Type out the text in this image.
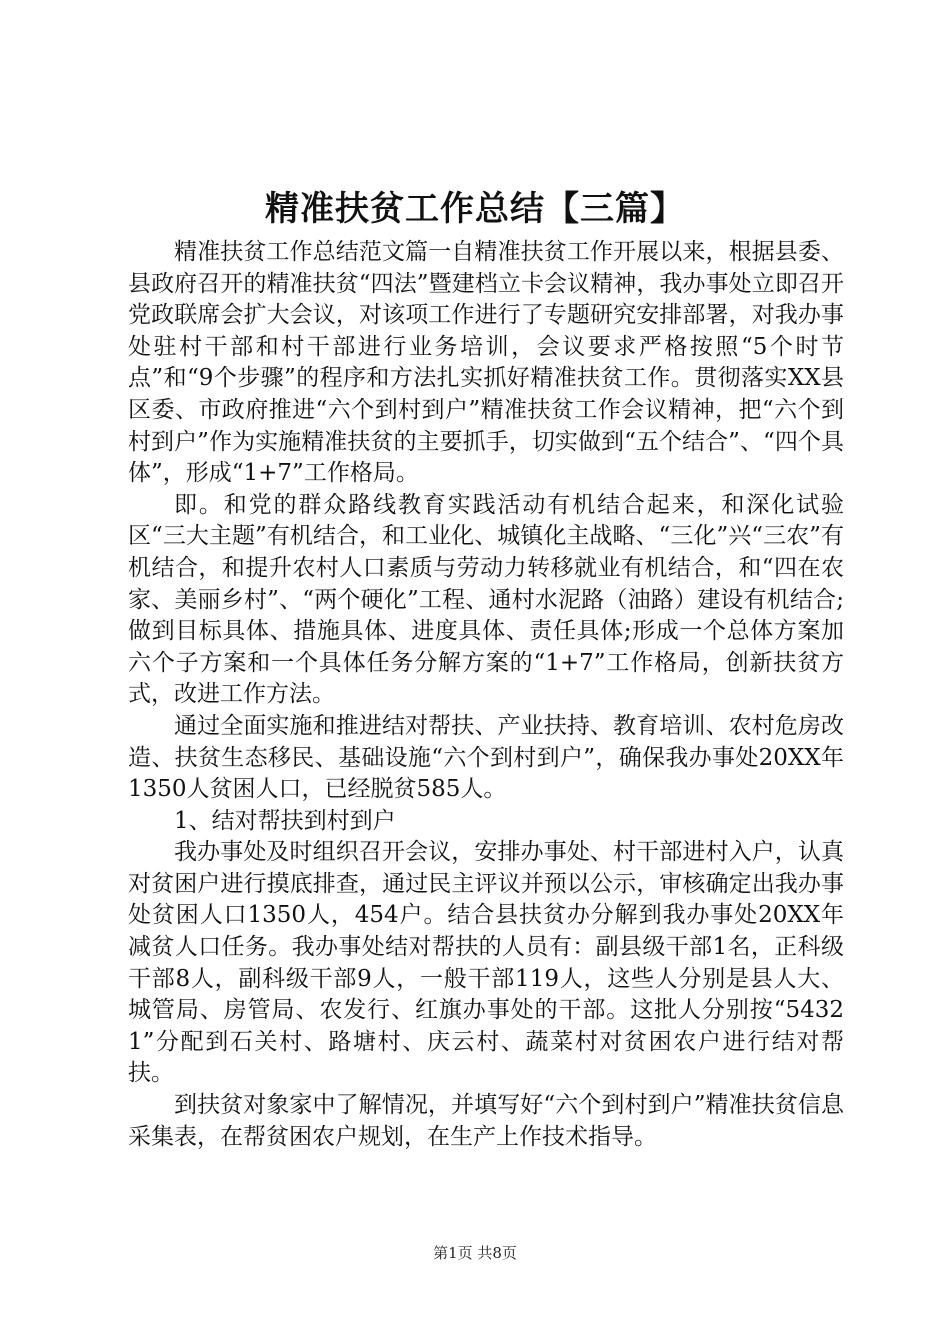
精准扶贫工作总结【三篇】

精准扶贫工作总结范文篇一自精准扶贫工作开展以来，根据县委、县政府召开的精准扶贫“四法”暨建档立卡会议精神，我办事处立即召开党政联席会扩大会议，对该项工作进行了专题研究安排部署，对我办事处驻村干部和村干部进行业务培训，会议要求严格按照“5个时节点”和“9个步骤”的程序和方法扎实抓好精准扶贫工作。贯彻落实XX县区委、市政府推进“六个到村到户”精准扶贫工作会议精神，把“六个到村到户”作为实施精准扶贫的主要抓手，切实做到“五个结合”、“四个具体”，形成“1+7”工作格局。

即。和党的群众路线教育实践活动有机结合起来，和深化试验区“三大主题”有机结合，和工业化、城镇化主战略、“三化”兴“三农”有机结合，和提升农村人口素质与劳动力转移就业有机结合，和“四在农家、美丽乡村”、“两个硬化”工程、通村水泥路（油路）建设有机结合;做到目标具体、措施具体、进度具体、责任具体;形成一个总体方案加六个子方案和一个具体任务分解方案的“1+7”工作格局，创新扶贫方式，改进工作方法。

通过全面实施和推进结对帮扶、产业扶持、教育培训、农村危房改造、扶贫生态移民、基础设施“六个到村到户”，确保我办事处20XX年1350人贫困人口，已经脱贫585人。

1、结对帮扶到村到户

我办事处及时组织召开会议，安排办事处、村干部进村入户，认真对贫困户进行摸底排查，通过民主评议并预以公示，审核确定出我办事处贫困人口1350人，454户。结合县扶贫办分解到我办事处20XX年减贫人口任务。我办事处结对帮扶的人员有：副县级干部1名，正科级干部8人，副科级干部9人，一般干部119人，这些人分别是县人大、城管局、房管局、农发行、红旗办事处的干部。这批人分别按“54321”分配到石关村、路塘村、庆云村、蔬菜村对贫困农户进行结对帮扶。

到扶贫对象家中了解情况，并填写好“六个到村到户”精准扶贫信息采集表，在帮贫困农户规划，在生产上作技术指导。

第1页 共8页
